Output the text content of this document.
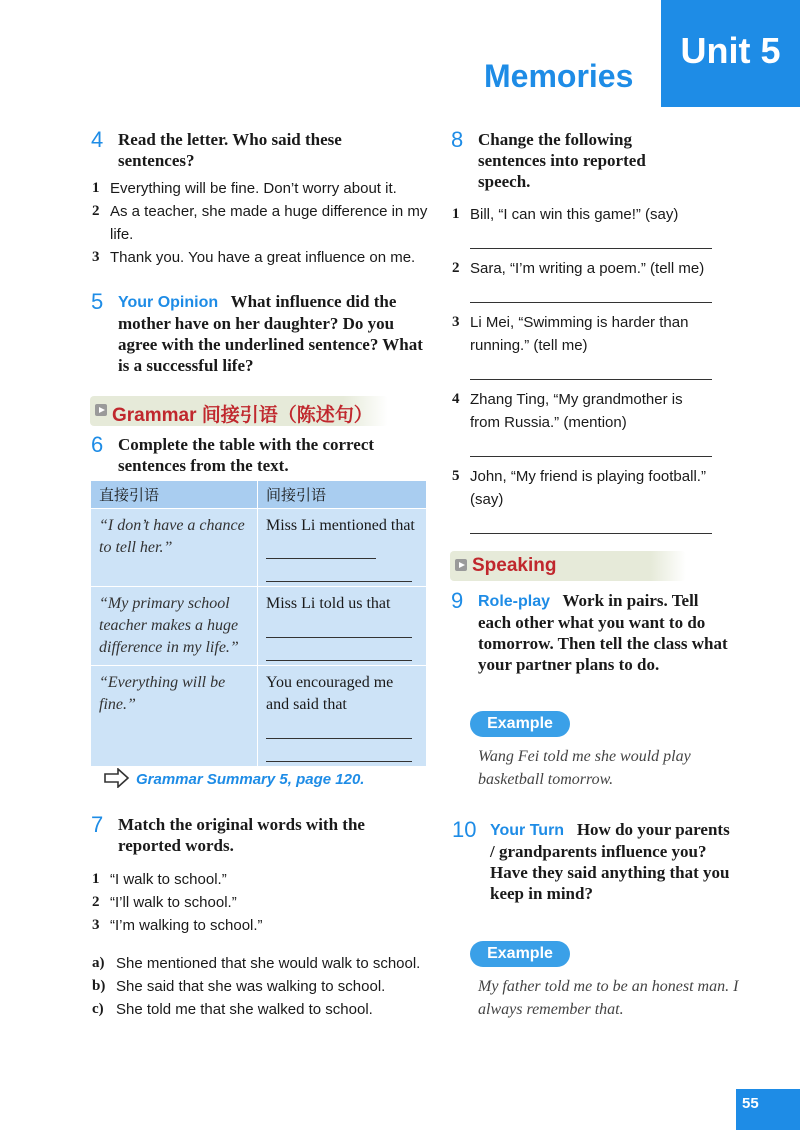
Unit 5
Memories
4 Read the letter. Who said these sentences?
1 Everything will be fine. Don’t worry about it.
2 As a teacher, she made a huge difference in my life.
3 Thank you. You have a great influence on me.
5 Your Opinion What influence did the mother have on her daughter? Do you agree with the underlined sentence? What is a successful life?
Grammar 间接引语（陈述句）
6 Complete the table with the correct sentences from the text.
直接引语	间接引语
“I don’t have a chance to tell her.”	Miss Li mentioned that

“My primary school teacher makes a huge difference in my life.”	Miss Li told us that

“Everything will be fine.”	You encouraged me and said that
Grammar Summary 5, page 120.
7 Match the original words with the reported words.
1 “I walk to school.”
2 “I’ll walk to school.”
3 “I’m walking to school.”
a) She mentioned that she would walk to school.
b) She said that she was walking to school.
c) She told me that she walked to school.
8 Change the following sentences into reported speech.
1 Bill, “I can win this game!” (say)
2 Sara, “I’m writing a poem.” (tell me)
3 Li Mei, “Swimming is harder than running.” (tell me)
4 Zhang Ting, “My grandmother is from Russia.” (mention)
5 John, “My friend is playing football.” (say)
Speaking
9 Role-play Work in pairs. Tell each other what you want to do tomorrow. Then tell the class what your partner plans to do.
Example
Wang Fei told me she would play basketball tomorrow.
10 Your Turn How do your parents / grandparents influence you? Have they said anything that you keep in mind?
Example
My father told me to be an honest man. I always remember that.
55
